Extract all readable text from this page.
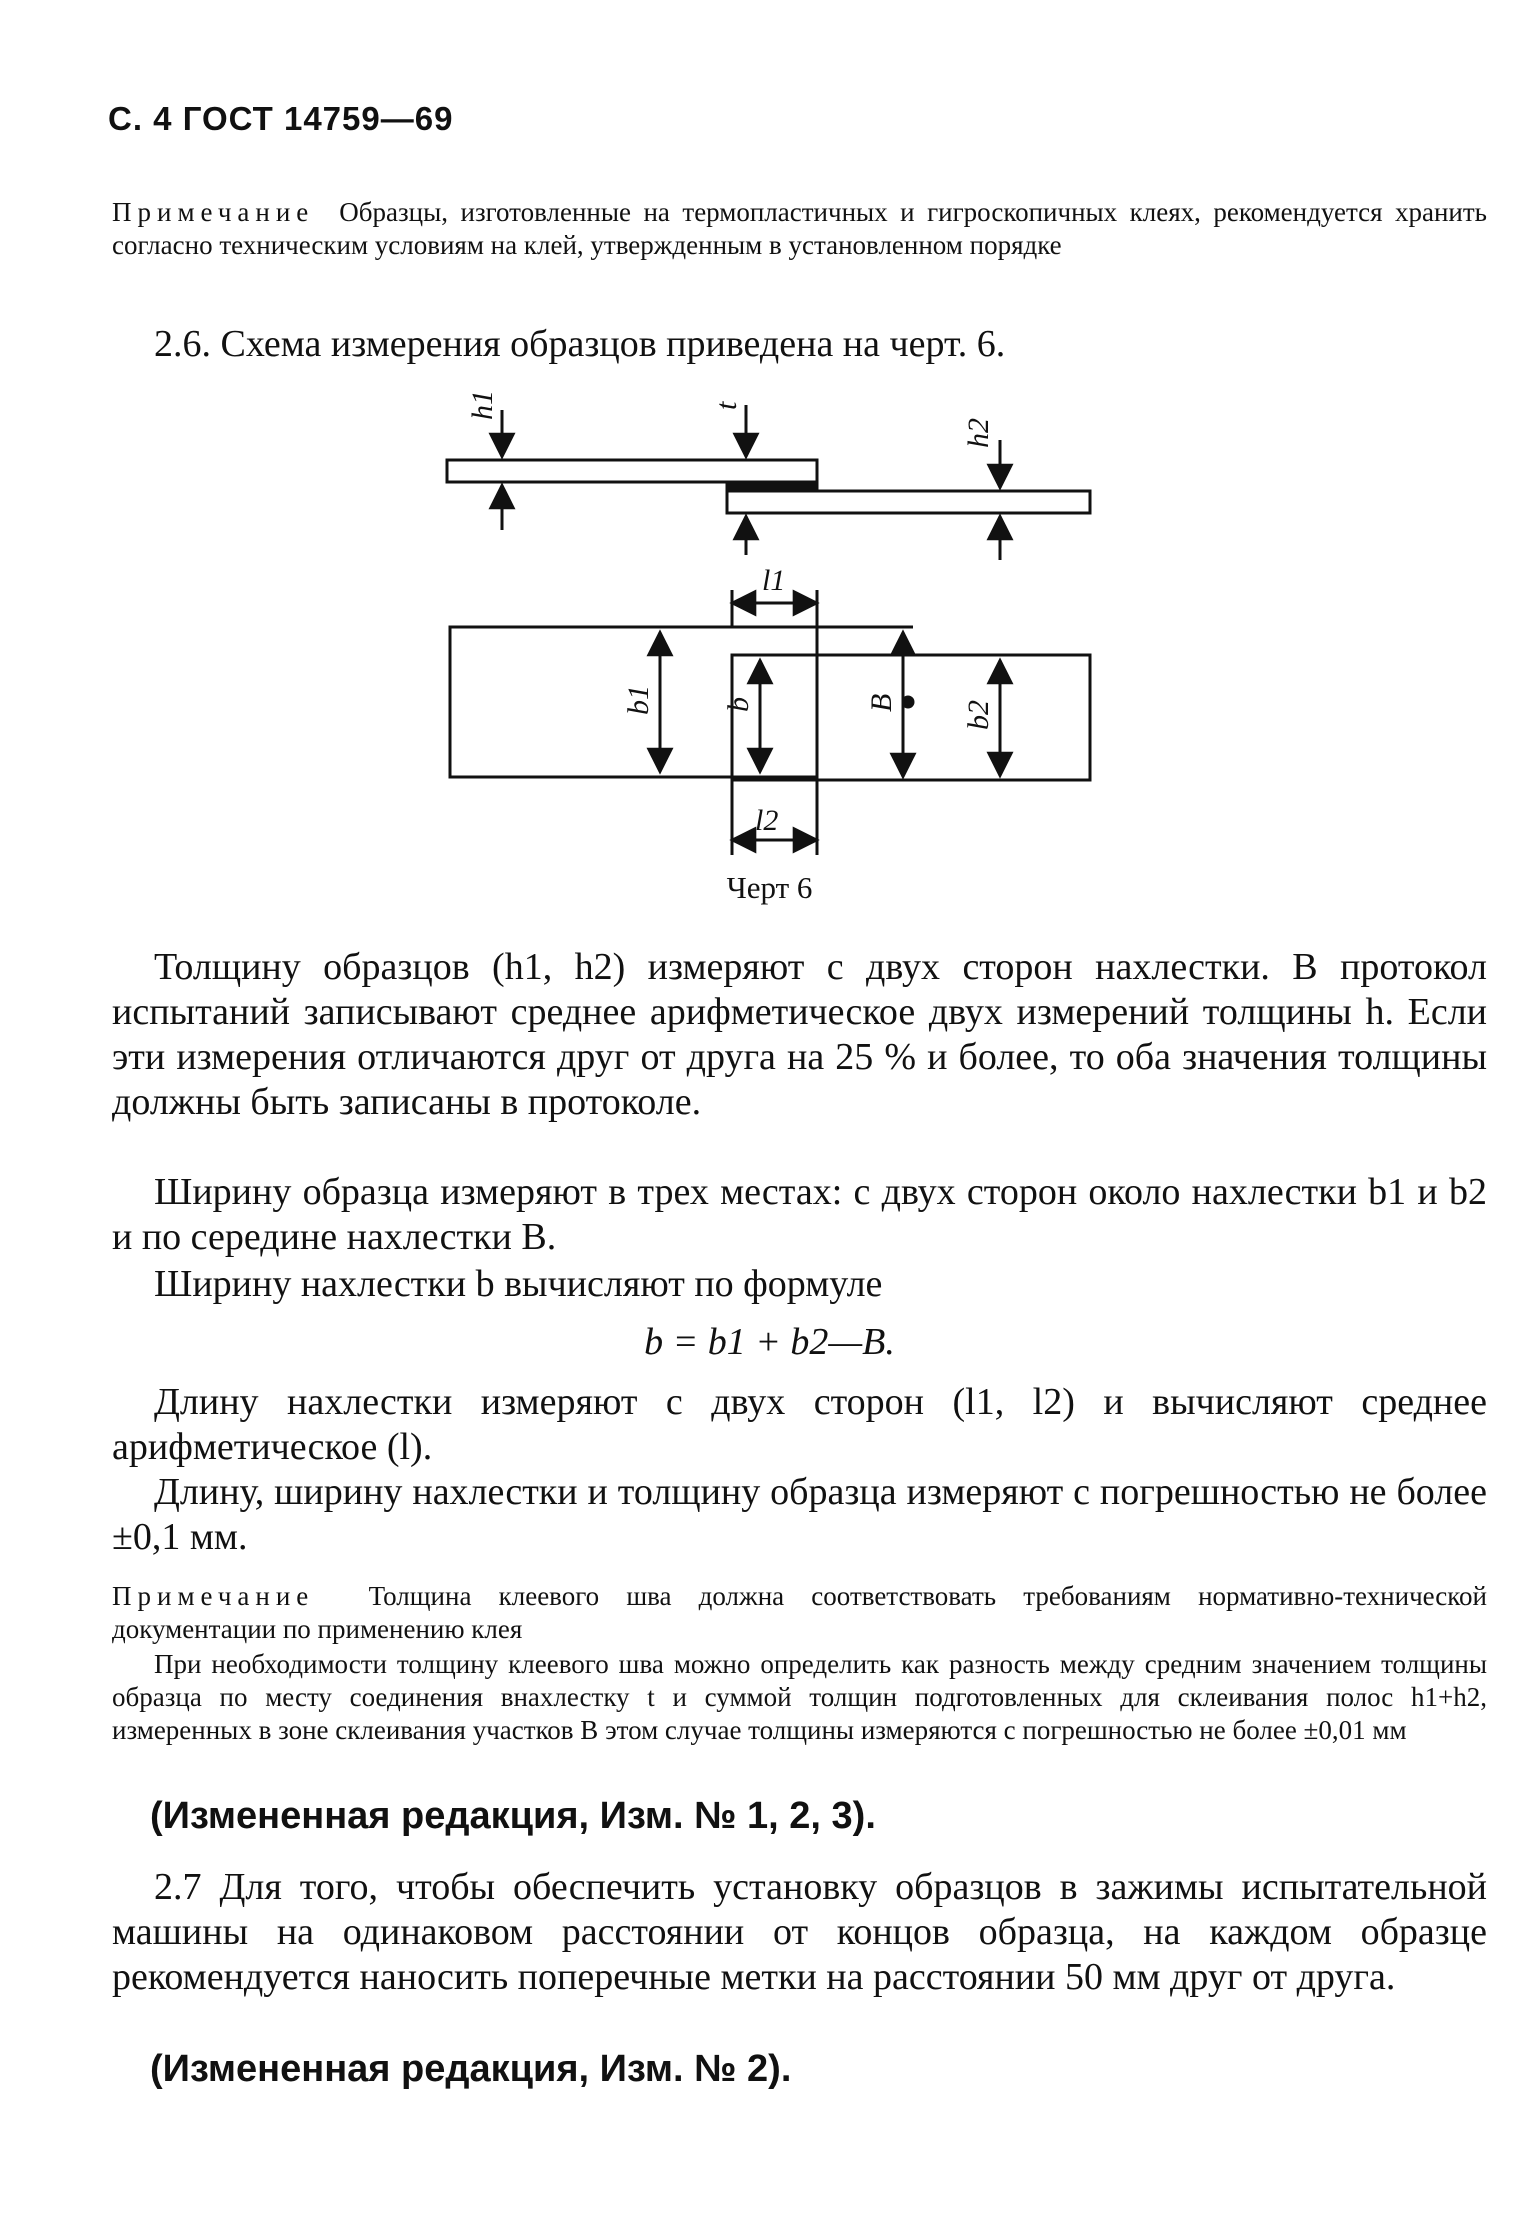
С. 4 ГОСТ 14759—69
Примечание Образцы, изготовленные на термопластичных и гигроскопичных клеях, рекомендуется хранить согласно техническим условиям на клей, утвержденным в установленном порядке
2.6. Схема измерения образцов приведена на черт. 6.
h1	t
h2
l1
b1 b	B b2
l2
Черт 6
Толщину образцов (h1, h2) измеряют с двух сторон нахлестки. В протокол испытаний записывают среднее арифметическое двух измерений толщины h. Если эти измерения отличаются друг от друга на 25 % и более, то оба значения толщины должны быть записаны в протоколе.
Ширину образца измеряют в трех местах: с двух сторон около нахлестки b1 и b2 и по середине нахлестки B.
Ширину нахлестки b вычисляют по формуле
b = b1 + b2—B.
Длину нахлестки измеряют с двух сторон (l1, l2) и вычисляют среднее арифметическое (l).
Длину, ширину нахлестки и толщину образца измеряют с погрешностью не более ±0,1 мм.
Примечание Толщина клеевого шва должна соответствовать требованиям нормативно-технической документации по применению клея
При необходимости толщину клеевого шва можно определить как разность между средним значением толщины образца по месту соединения внахлестку t и суммой толщин подготовленных для склеивания полос h1+h2, измеренных в зоне склеивания участков В этом случае толщины измеряются с погрешностью не более ±0,01 мм
(Измененная редакция, Изм. № 1, 2, 3).
2.7 Для того, чтобы обеспечить установку образцов в зажимы испытательной машины на одинаковом расстоянии от концов образца, на каждом образце рекомендуется наносить поперечные метки на расстоянии 50 мм друг от друга.
(Измененная редакция, Изм. № 2).
